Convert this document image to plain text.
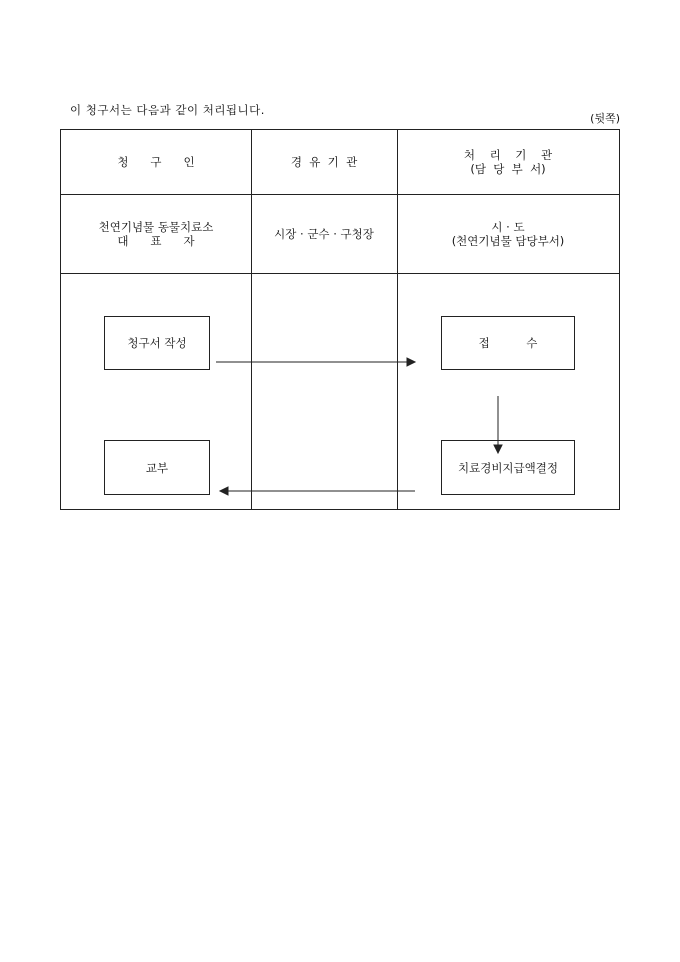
이 청구서는 다음과 같이 처리됩니다.
(뒷쪽)
청      구      인	경  유  기  관
처    리    기    관
(담  당  부  서)
천연기념물 동물치료소
대      표      자
시장 · 군수 · 구청장
시 · 도
(천연기념물 담당부서)
청구서 작성	접          수
치료경비지급액결정
교부
